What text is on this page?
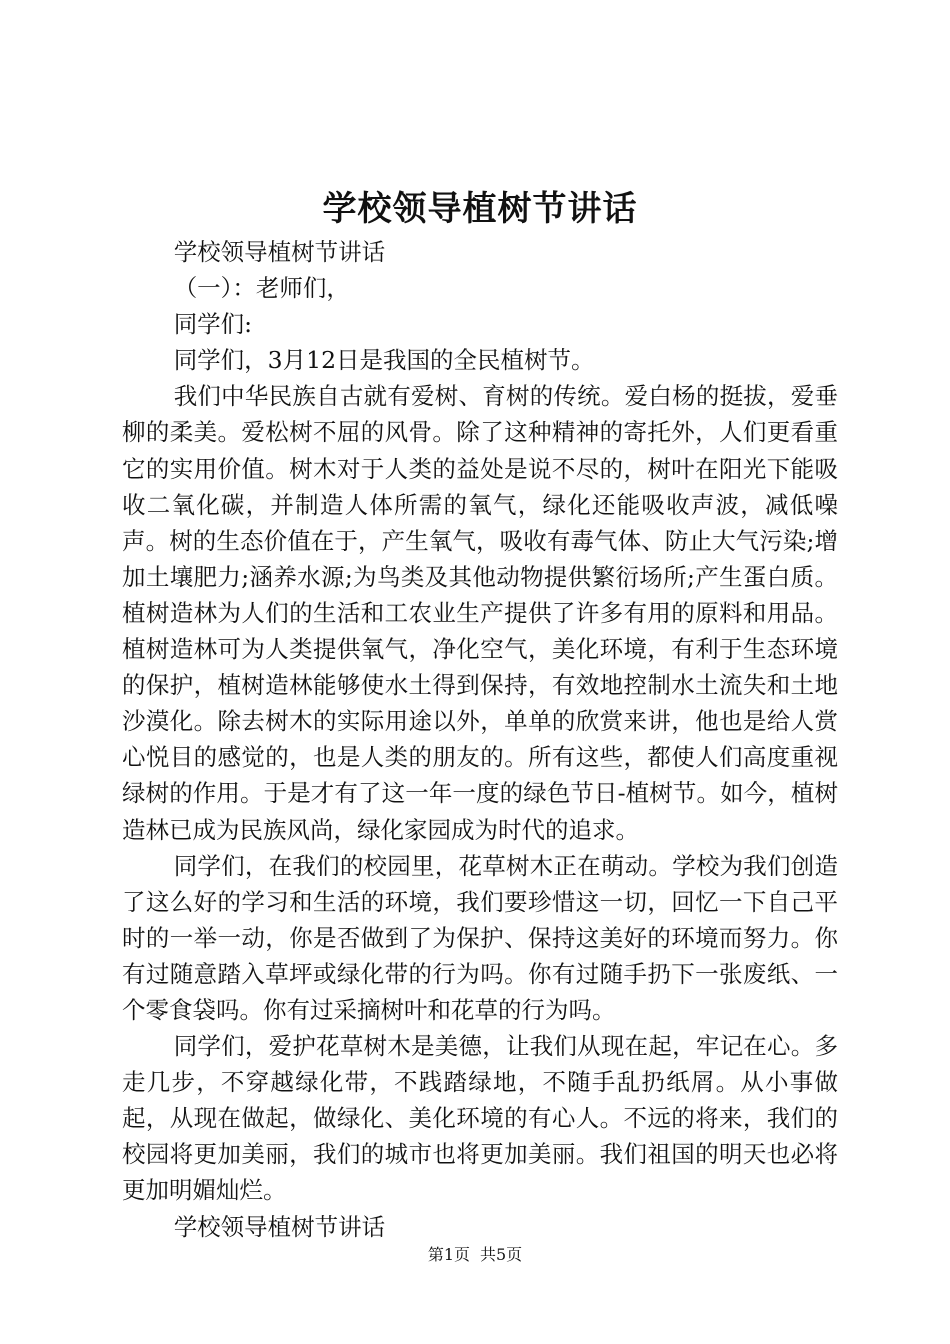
学校领导植树节讲话

学校领导植树节讲话

（一）：老师们，

同学们:

同学们，3月12日是我国的全民植树节。

我们中华民族自古就有爱树、育树的传统。爱白杨的挺拔，爱垂柳的柔美。爱松树不屈的风骨。除了这种精神的寄托外，人们更看重它的实用价值。树木对于人类的益处是说不尽的，树叶在阳光下能吸收二氧化碳，并制造人体所需的氧气，绿化还能吸收声波，减低噪声。树的生态价值在于，产生氧气，吸收有毒气体、防止大气污染;增加土壤肥力;涵养水源;为鸟类及其他动物提供繁衍场所;产生蛋白质。植树造林为人们的生活和工农业生产提供了许多有用的原料和用品。植树造林可为人类提供氧气，净化空气，美化环境，有利于生态环境的保护，植树造林能够使水土得到保持，有效地控制水土流失和土地沙漠化。除去树木的实际用途以外，单单的欣赏来讲，他也是给人赏心悦目的感觉的，也是人类的朋友的。所有这些，都使人们高度重视绿树的作用。于是才有了这一年一度的绿色节日-植树节。如今，植树造林已成为民族风尚，绿化家园成为时代的追求。

同学们，在我们的校园里，花草树木正在萌动。学校为我们创造了这么好的学习和生活的环境，我们要珍惜这一切，回忆一下自己平时的一举一动，你是否做到了为保护、保持这美好的环境而努力。你有过随意踏入草坪或绿化带的行为吗。你有过随手扔下一张废纸、一个零食袋吗。你有过采摘树叶和花草的行为吗。

同学们，爱护花草树木是美德，让我们从现在起，牢记在心。多走几步，不穿越绿化带，不践踏绿地，不随手乱扔纸屑。从小事做起，从现在做起，做绿化、美化环境的有心人。不远的将来，我们的校园将更加美丽，我们的城市也将更加美丽。我们祖国的明天也必将更加明媚灿烂。

学校领导植树节讲话

第1页 共5页
